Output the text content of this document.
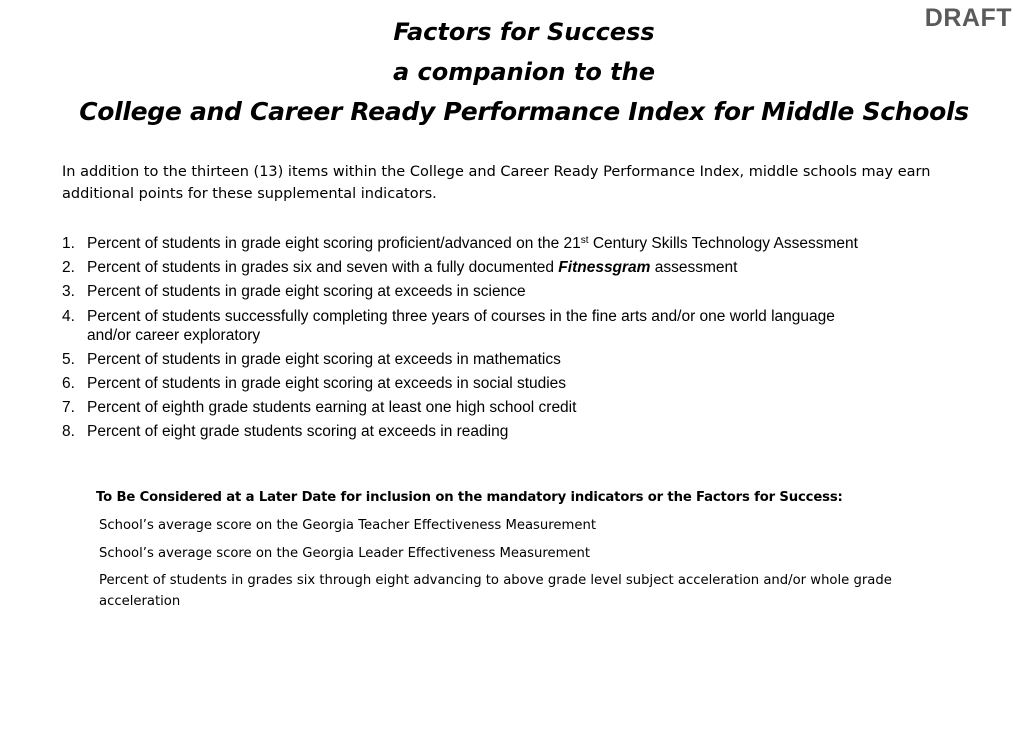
DRAFT
Factors for Success
a companion to the
College and Career Ready Performance Index for Middle Schools
In addition to the thirteen (13) items within the College and Career Ready Performance Index, middle schools may earn additional points for these supplemental indicators.
1. Percent of students in grade eight scoring proficient/advanced on the 21st Century Skills Technology Assessment
2. Percent of students in grades six and seven with a fully documented Fitnessgram assessment
3. Percent of students in grade eight scoring at exceeds in science
4. Percent of students successfully completing three years of courses in the fine arts and/or one world language and/or career exploratory
5. Percent of students in grade eight scoring at exceeds in mathematics
6. Percent of students in grade eight scoring at exceeds in social studies
7. Percent of eighth grade students earning at least one high school credit
8. Percent of eight grade students scoring at exceeds in reading
To Be Considered at a Later Date for inclusion on the mandatory indicators or the Factors for Success:
School’s average score on the Georgia Teacher Effectiveness Measurement
School’s average score on the Georgia Leader Effectiveness Measurement
Percent of students in grades six through eight advancing to above grade level subject acceleration and/or whole grade acceleration
